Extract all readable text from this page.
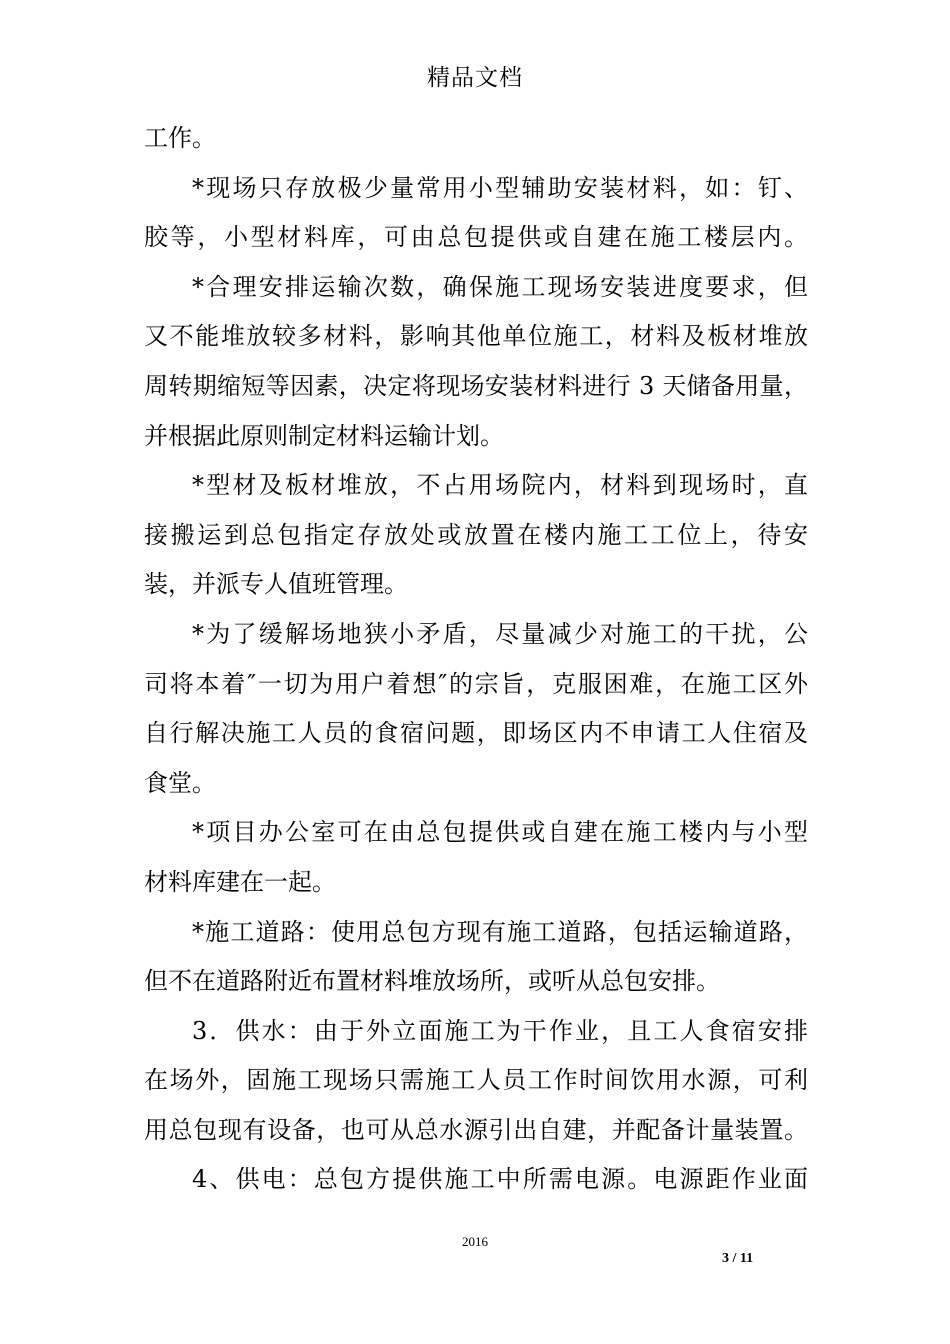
精品文档
工作。
*现场只存放极少量常用小型辅助安装材料，如：钉、
胶等，小型材料库，可由总包提供或自建在施工楼层内。
*合理安排运输次数，确保施工现场安装进度要求，但
又不能堆放较多材料，影响其他单位施工，材料及板材堆放
周转期缩短等因素，决定将现场安装材料进行 3 天储备用量，
并根据此原则制定材料运输计划。
*型材及板材堆放，不占用场院内，材料到现场时，直
接搬运到总包指定存放处或放置在楼内施工工位上，待安
装，并派专人值班管理。
*为了缓解场地狭小矛盾，尽量减少对施工的干扰，公
司将本着″一切为用户着想″的宗旨，克服困难，在施工区外
自行解决施工人员的食宿问题，即场区内不申请工人住宿及
食堂。
*项目办公室可在由总包提供或自建在施工楼内与小型
材料库建在一起。
*施工道路：使用总包方现有施工道路，包括运输道路，
但不在道路附近布置材料堆放场所，或听从总包安排。
3．供水：由于外立面施工为干作业，且工人食宿安排
在场外，固施工现场只需施工人员工作时间饮用水源，可利
用总包现有设备，也可从总水源引出自建，并配备计量装置。
4、供电：总包方提供施工中所需电源。电源距作业面
2016
3 / 11
